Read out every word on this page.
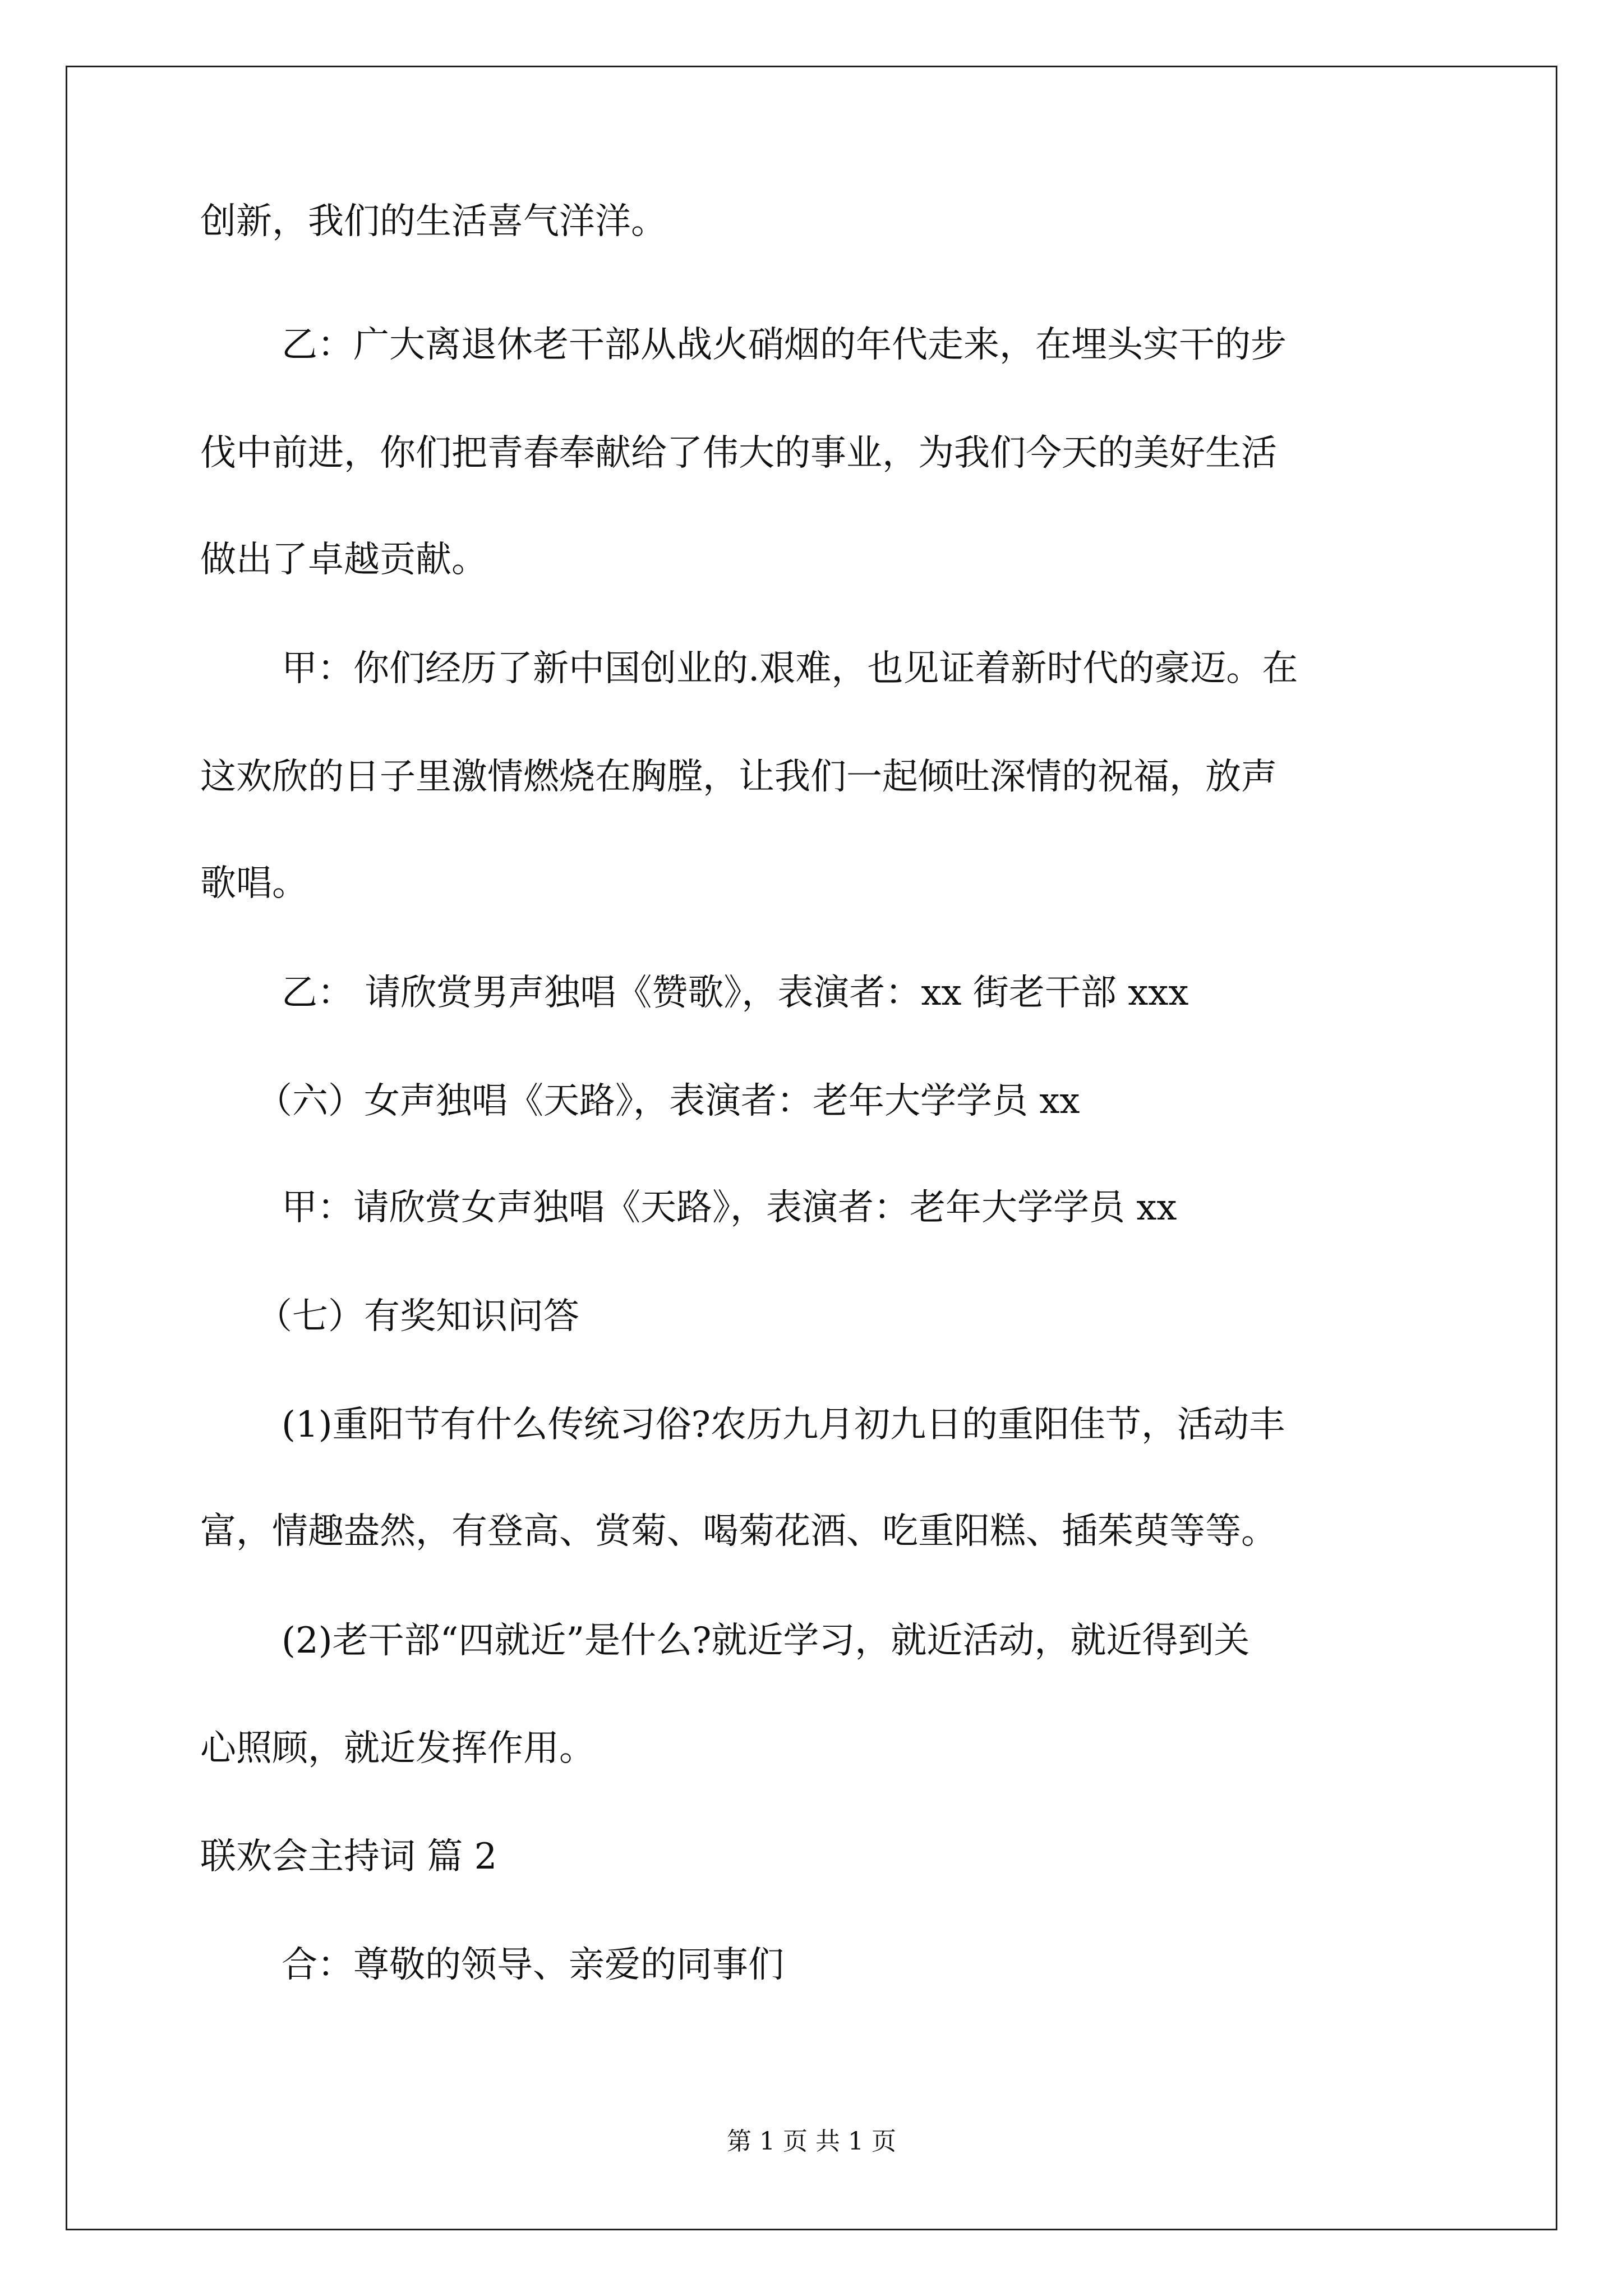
创新，我们的生活喜气洋洋。
乙：广大离退休老干部从战火硝烟的年代走来，在埋头实干的步
伐中前进，你们把青春奉献给了伟大的事业，为我们今天的美好生活
做出了卓越贡献。
甲：你们经历了新中国创业的.艰难，也见证着新时代的豪迈。在
这欢欣的日子里激情燃烧在胸膛，让我们一起倾吐深情的祝福，放声
歌唱。
乙： 请欣赏男声独唱《赞歌》，表演者：xx 街老干部 xxx
（六）女声独唱《天路》，表演者：老年大学学员 xx
甲：请欣赏女声独唱《天路》，表演者：老年大学学员 xx
（七）有奖知识问答
(1)重阳节有什么传统习俗?农历九月初九日的重阳佳节，活动丰
富，情趣盎然，有登高、赏菊、喝菊花酒、吃重阳糕、插茱萸等等。
(2)老干部“四就近”是什么?就近学习，就近活动，就近得到关
心照顾，就近发挥作用。
联欢会主持词 篇 2
合：尊敬的领导、亲爱的同事们
第 1 页 共 1 页
